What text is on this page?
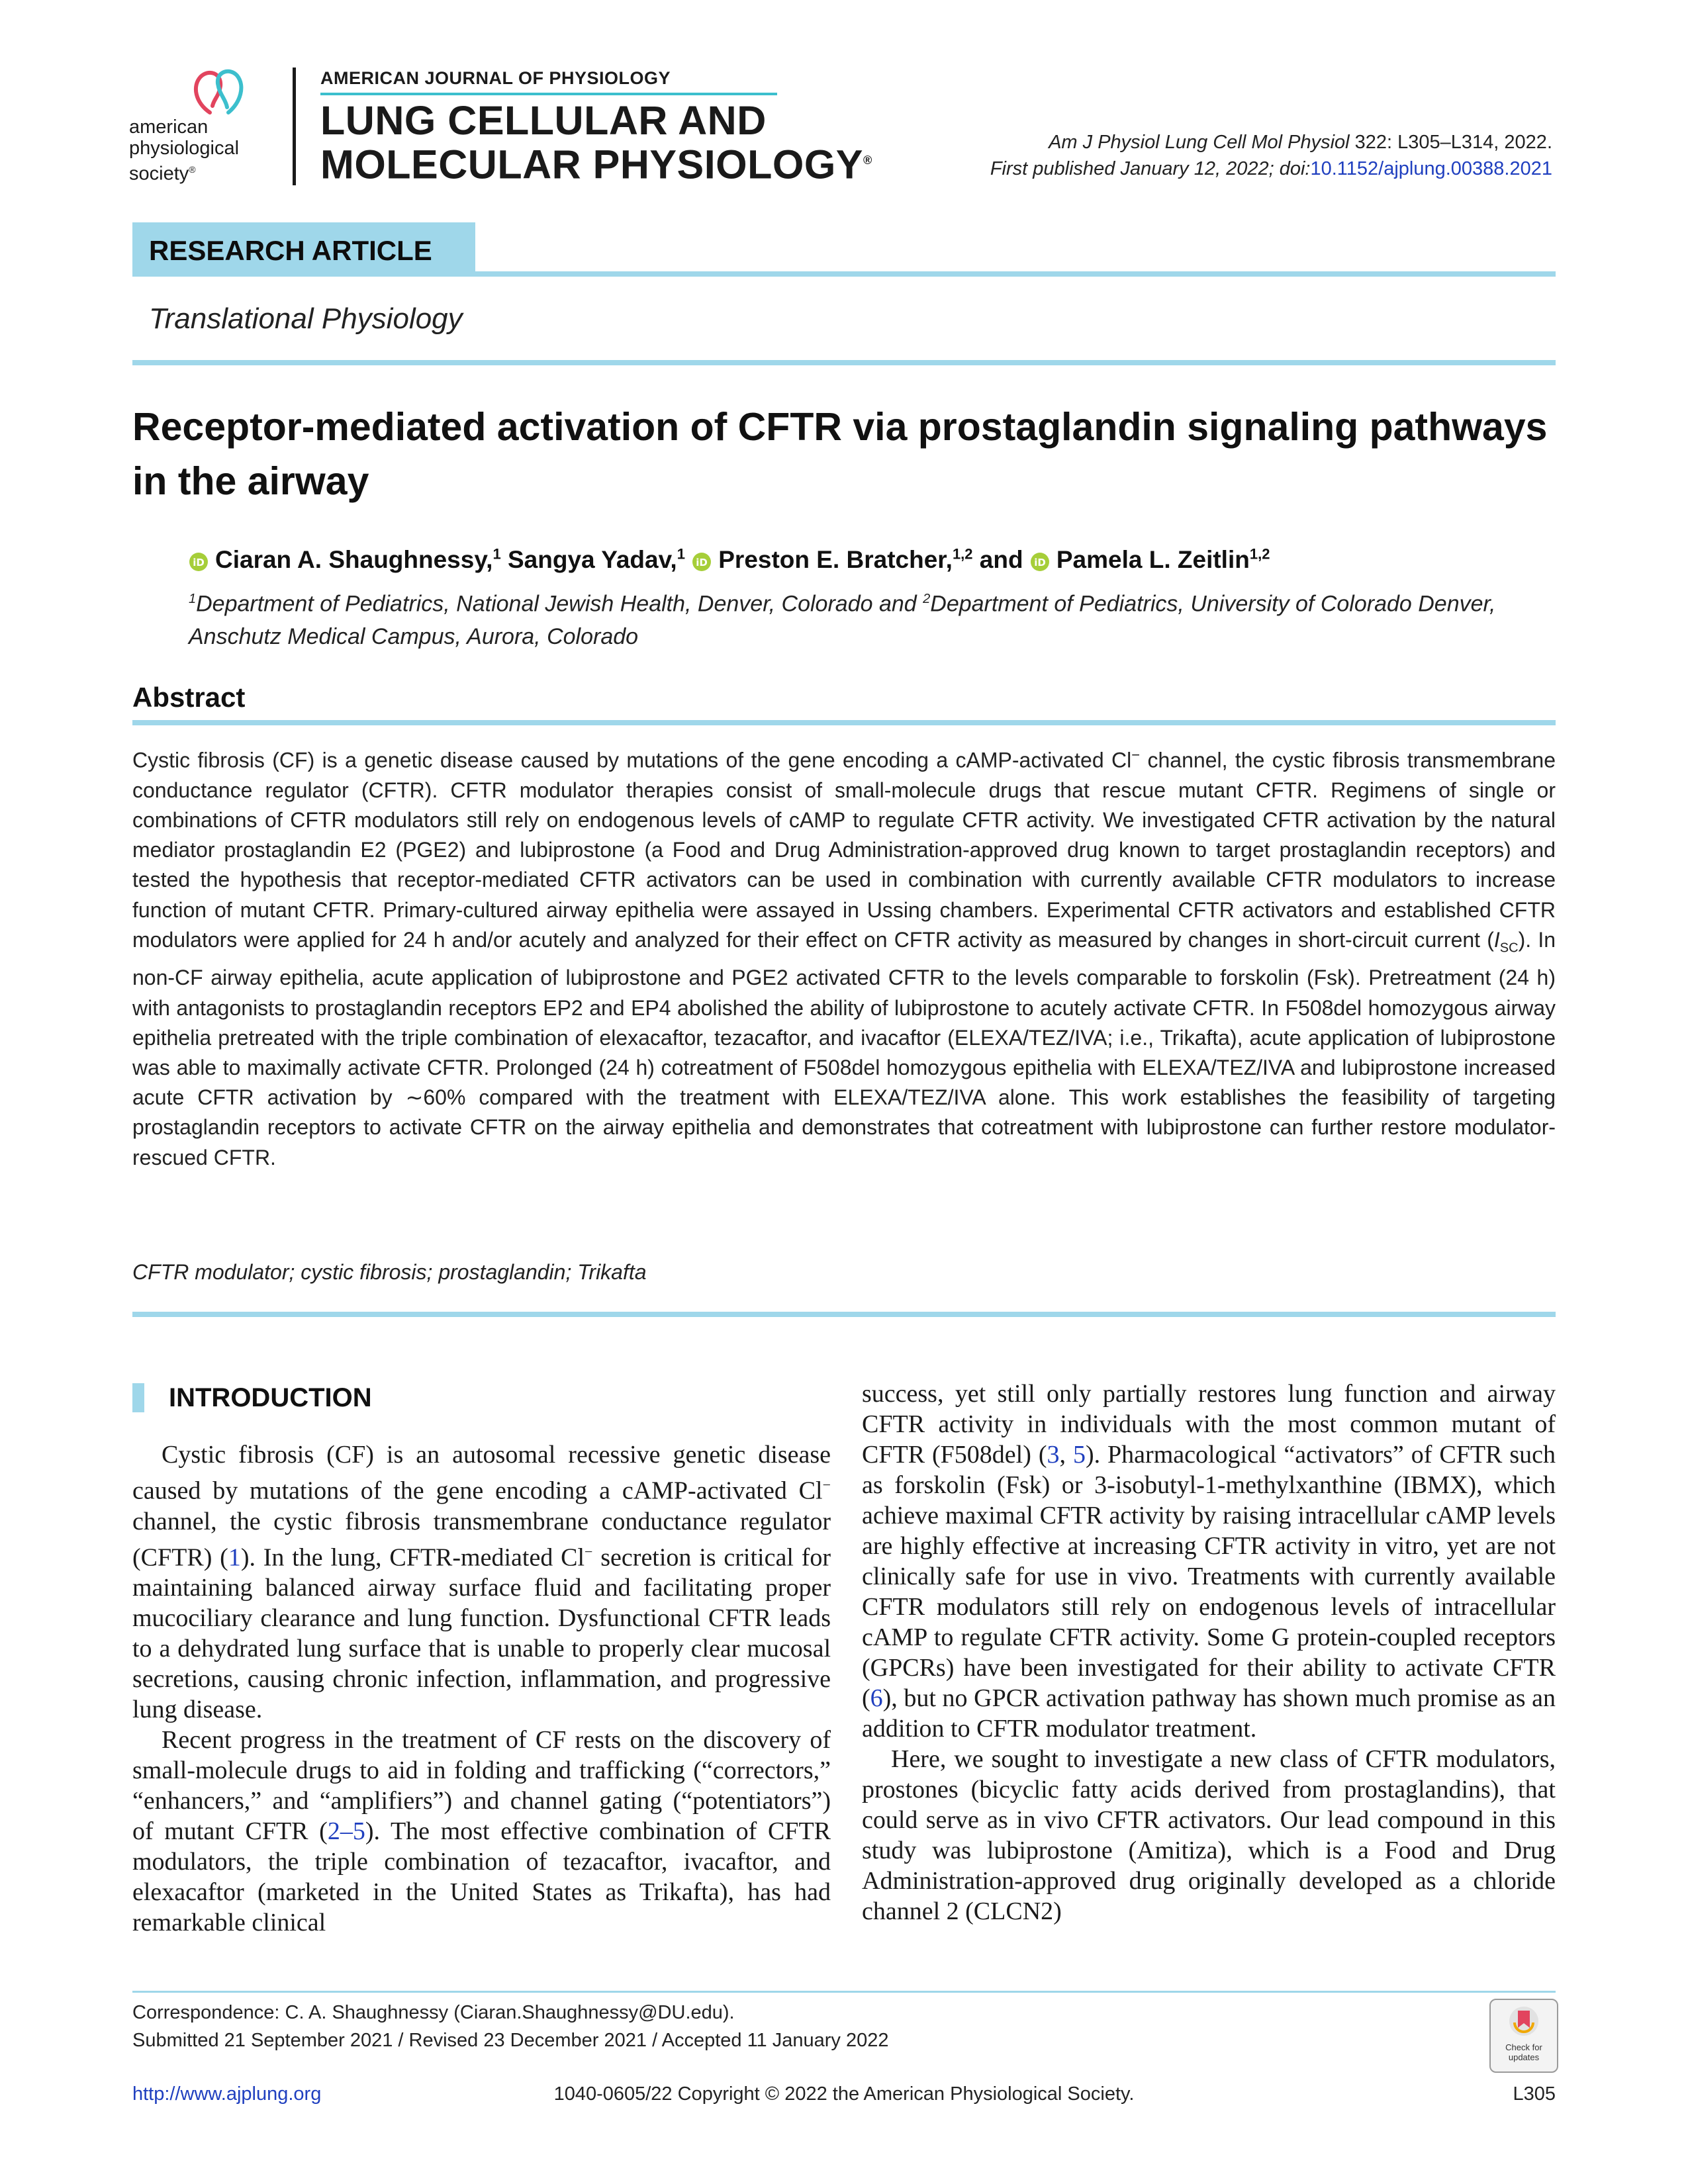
american
physiological
society®
AMERICAN JOURNAL OF PHYSIOLOGY
LUNG CELLULAR AND
MOLECULAR PHYSIOLOGY®
Am J Physiol Lung Cell Mol Physiol 322: L305–L314, 2022.
First published January 12, 2022; doi:10.1152/ajplung.00388.2021
RESEARCH ARTICLE
Translational Physiology
Receptor-mediated activation of CFTR via prostaglandin signaling pathways in the airway
iD Ciaran A. Shaughnessy,$^1$ Sangya Yadav,$^1$ iD Preston E. Bratcher,$^{1,2}$ and iD Pamela L. Zeitlin$^{1,2}$
$^1$Department of Pediatrics, National Jewish Health, Denver, Colorado and $^2$Department of Pediatrics, University of Colorado Denver, Anschutz Medical Campus, Aurora, Colorado
Abstract
Cystic fibrosis (CF) is a genetic disease caused by mutations of the gene encoding a cAMP-activated Cl− channel, the cystic fibrosis transmembrane conductance regulator (CFTR). CFTR modulator therapies consist of small-molecule drugs that rescue mutant CFTR. Regimens of single or combinations of CFTR modulators still rely on endogenous levels of cAMP to regulate CFTR activity. We investigated CFTR activation by the natural mediator prostaglandin E2 (PGE2) and lubiprostone (a Food and Drug Administration-approved drug known to target prostaglandin receptors) and tested the hypothesis that receptor-mediated CFTR activators can be used in combination with currently available CFTR modulators to increase function of mutant CFTR. Primary-cultured airway epithelia were assayed in Ussing chambers. Experimental CFTR activators and established CFTR modulators were applied for 24 h and/or acutely and analyzed for their effect on CFTR activity as measured by changes in short-circuit current $(I_{SC})$. In non-CF airway epithelia, acute application of lubiprostone and PGE2 activated CFTR to the levels comparable to forskolin (Fsk). Pretreatment (24 h) with antagonists to prostaglandin receptors EP2 and EP4 abolished the ability of lubiprostone to acutely activate CFTR. In F508del homozygous airway epithelia pretreated with the triple combination of elexacaftor, tezacaftor, and ivacaftor (ELEXA/TEZ/IVA; i.e., Trikafta), acute application of lubiprostone was able to maximally activate CFTR. Prolonged (24 h) cotreatment of F508del homozygous epithelia with ELEXA/TEZ/IVA and lubiprostone increased acute CFTR activation by ∼60% compared with the treatment with ELEXA/TEZ/IVA alone. This work establishes the feasibility of targeting prostaglandin receptors to activate CFTR on the airway epithelia and demonstrates that cotreatment with lubiprostone can further restore modulator-rescued CFTR.
CFTR modulator; cystic fibrosis; prostaglandin; Trikafta
INTRODUCTION

Cystic fibrosis (CF) is an autosomal recessive genetic disease caused by mutations of the gene encoding a cAMP-activated Cl− channel, the cystic fibrosis transmembrane conductance regulator (CFTR) (1). In the lung, CFTR-mediated Cl− secretion is critical for maintaining balanced airway surface fluid and facilitating proper mucociliary clearance and lung function. Dysfunctional CFTR leads to a dehydrated lung surface that is unable to properly clear mucosal secretions, causing chronic infection, inflammation, and progressive lung disease.

Recent progress in the treatment of CF rests on the discovery of small-molecule drugs to aid in folding and trafficking (“correctors,” “enhancers,” and “amplifiers”) and channel gating (“potentiators”) of mutant CFTR (2–5). The most effective combination of CFTR modulators, the triple combination of tezacaftor, ivacaftor, and elexacaftor (marketed in the United States as Trikafta), has had remarkable clinical

success, yet still only partially restores lung function and airway CFTR activity in individuals with the most common mutant of CFTR (F508del) (3, 5). Pharmacological “activators” of CFTR such as forskolin (Fsk) or 3-isobutyl-1-methylxanthine (IBMX), which achieve maximal CFTR activity by raising intracellular cAMP levels are highly effective at increasing CFTR activity in vitro, yet are not clinically safe for use in vivo. Treatments with currently available CFTR modulators still rely on endogenous levels of intracellular cAMP to regulate CFTR activity. Some G protein-coupled receptors (GPCRs) have been investigated for their ability to activate CFTR (6), but no GPCR activation pathway has shown much promise as an addition to CFTR modulator treatment.

Here, we sought to investigate a new class of CFTR modulators, prostones (bicyclic fatty acids derived from prostaglandins), that could serve as in vivo CFTR activators. Our lead compound in this study was lubiprostone (Amitiza), which is a Food and Drug Administration-approved drug originally developed as a chloride channel 2 (CLCN2)

Correspondence: C. A. Shaughnessy (Ciaran.Shaughnessy@DU.edu).
Submitted 21 September 2021 / Revised 23 December 2021 / Accepted 11 January 2022	Check for
updates
1040-0605/22 Copyright © 2022 the American Physiological Society.
http://www.ajplung.org	L305
